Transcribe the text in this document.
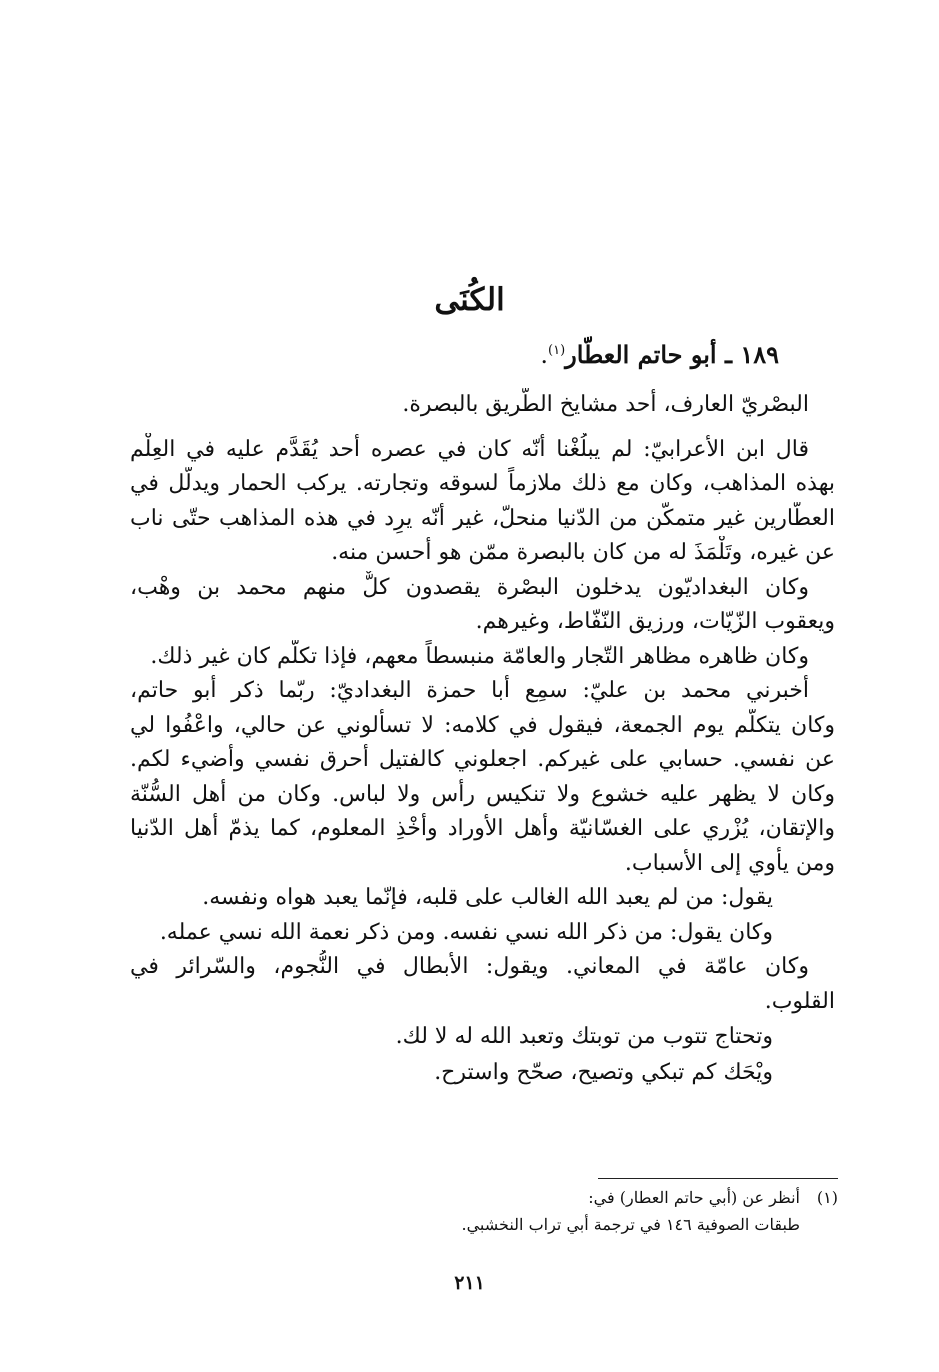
الكُنَى
١٨٩ ـ أبو حاتم العطّار$^{(١)}$.
البصْريّ العارف، أحد مشايخ الطّريق بالبصرة.
قال ابن الأعرابيّ: لم يبلُغْنا أنّه كان في عصره أحد يُقَدَّم عليه في العِلْم
بهذه المذاهب، وكان مع ذلك ملازماً لسوقه وتجارته. يركب الحمار ويدلّل في
العطّارين غير متمكّن من الدّنيا منحلّ، غير أنّه يرِد في هذه المذاهب حتّى ناب
عن غيره، وتَلْمَذَ له من كان بالبصرة ممّن هو أحسن منه.
وكان البغداديّون يدخلون البصْرة يقصدون كلٌّ منهم محمد بن وهْب،
ويعقوب الزّيّات، ورزيق النّفّاط، وغيرهم.
وكان ظاهره مظاهر التّجار والعامّة منبسطاً معهم، فإذا تكلّم كان غير ذلك.
أخبرني محمد بن عليّ: سمِع أبا حمزة البغداديّ: ربّما ذكر أبو حاتم،
وكان يتكلّم يوم الجمعة، فيقول في كلامه: لا تسألوني عن حالي، واعْفُوا لي
عن نفسي. حسابي على غيركم. اجعلوني كالفتيل أحرق نفسي وأضيء لكم.
وكان لا يظهر عليه خشوع ولا تنكيس رأس ولا لباس. وكان من أهل السُّنّة
والإتقان، يُزْري على الغسّانيّة وأهل الأوراد وأخْذِ المعلوم، كما يذمّ أهل الدّنيا
ومن يأوي إلى الأسباب.
يقول: من لم يعبد الله الغالب على قلبه، فإنّما يعبد هواه ونفسه.
وكان يقول: من ذكر الله نسي نفسه. ومن ذكر نعمة الله نسي عمله.
وكان عامّة في المعاني. ويقول: الأبطال في النُّجوم، والسّرائر في
القلوب.
وتحتاج تتوب من توبتك وتعبد الله له لا لك.
ويْحَك كم تبكي وتصيح، صحّح واسترح.
(١)أنظر عن (أبي حاتم العطار) في:
طبقات الصوفية ١٤٦ في ترجمة أبي تراب النخشبي.
٢١١
